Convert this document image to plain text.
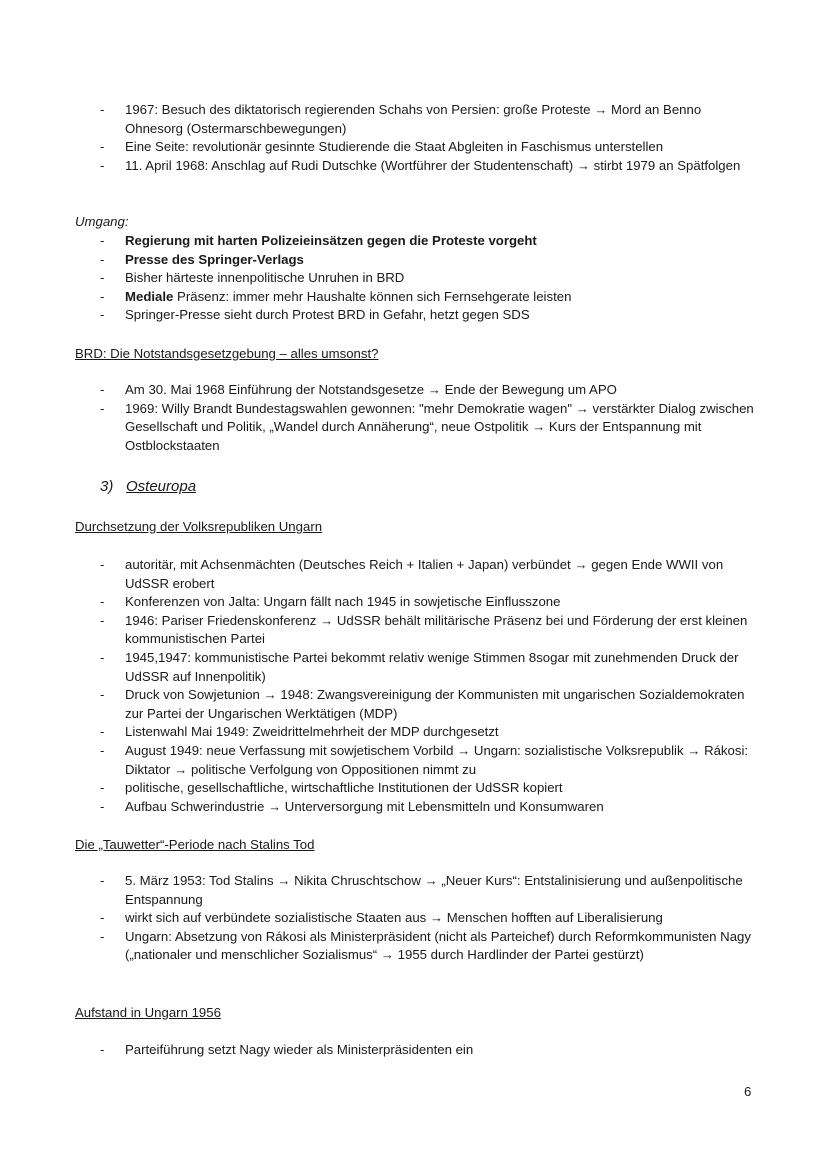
- 1967: Besuch des diktatorisch regierenden Schahs von Persien: große Proteste → Mord an Benno Ohnesorg (Ostermarschbewegungen)
- Eine Seite: revolutionär gesinnte Studierende die Staat Abgleiten in Faschismus unterstellen
- 11. April 1968: Anschlag auf Rudi Dutschke (Wortführer der Studentenschaft) → stirbt 1979 an Spätfolgen
Umgang:
- Regierung mit harten Polizeieinsätzen gegen die Proteste vorgeht
- Presse des Springer-Verlags
- Bisher härteste innenpolitische Unruhen in BRD
- Mediale Präsenz: immer mehr Haushalte können sich Fernsehgerate leisten
- Springer-Presse sieht durch Protest BRD in Gefahr, hetzt gegen SDS
BRD: Die Notstandsgesetzgebung – alles umsonst?
- Am 30. Mai 1968 Einführung der Notstandsgesetze → Ende der Bewegung um APO
- 1969: Willy Brandt Bundestagswahlen gewonnen: "mehr Demokratie wagen" → verstärkter Dialog zwischen Gesellschaft und Politik, „Wandel durch Annäherung“, neue Ostpolitik → Kurs der Entspannung mit Ostblockstaaten
3) Osteuropa
Durchsetzung der Volksrepubliken Ungarn
- autoritär, mit Achsenmächten (Deutsches Reich + Italien + Japan) verbündet → gegen Ende WWII von UdSSR erobert
- Konferenzen von Jalta: Ungarn fällt nach 1945 in sowjetische Einflusszone
- 1946: Pariser Friedenskonferenz → UdSSR behält militärische Präsenz bei und Förderung der erst kleinen kommunistischen Partei
- 1945,1947: kommunistische Partei bekommt relativ wenige Stimmen 8sogar mit zunehmenden Druck der UdSSR auf Innenpolitik)
- Druck von Sowjetunion → 1948: Zwangsvereinigung der Kommunisten mit ungarischen Sozialdemokraten zur Partei der Ungarischen Werktätigen (MDP)
- Listenwahl Mai 1949: Zweidrittelmehrheit der MDP durchgesetzt
- August 1949: neue Verfassung mit sowjetischem Vorbild → Ungarn: sozialistische Volksrepublik → Rákosi: Diktator → politische Verfolgung von Oppositionen nimmt zu
- politische, gesellschaftliche, wirtschaftliche Institutionen der UdSSR kopiert
- Aufbau Schwerindustrie → Unterversorgung mit Lebensmitteln und Konsumwaren
Die „Tauwetter“-Periode nach Stalins Tod
- 5. März 1953: Tod Stalins → Nikita Chruschtschow → „Neuer Kurs“: Entstalinisierung und außenpolitische Entspannung
- wirkt sich auf verbündete sozialistische Staaten aus → Menschen hofften auf Liberalisierung
- Ungarn: Absetzung von Rákosi als Ministerpräsident (nicht als Parteichef) durch Reformkommunisten Nagy („nationaler und menschlicher Sozialismus“ → 1955 durch Hardlinder der Partei gestürzt)
Aufstand in Ungarn 1956
- Parteiführung setzt Nagy wieder als Ministerpräsidenten ein
6
